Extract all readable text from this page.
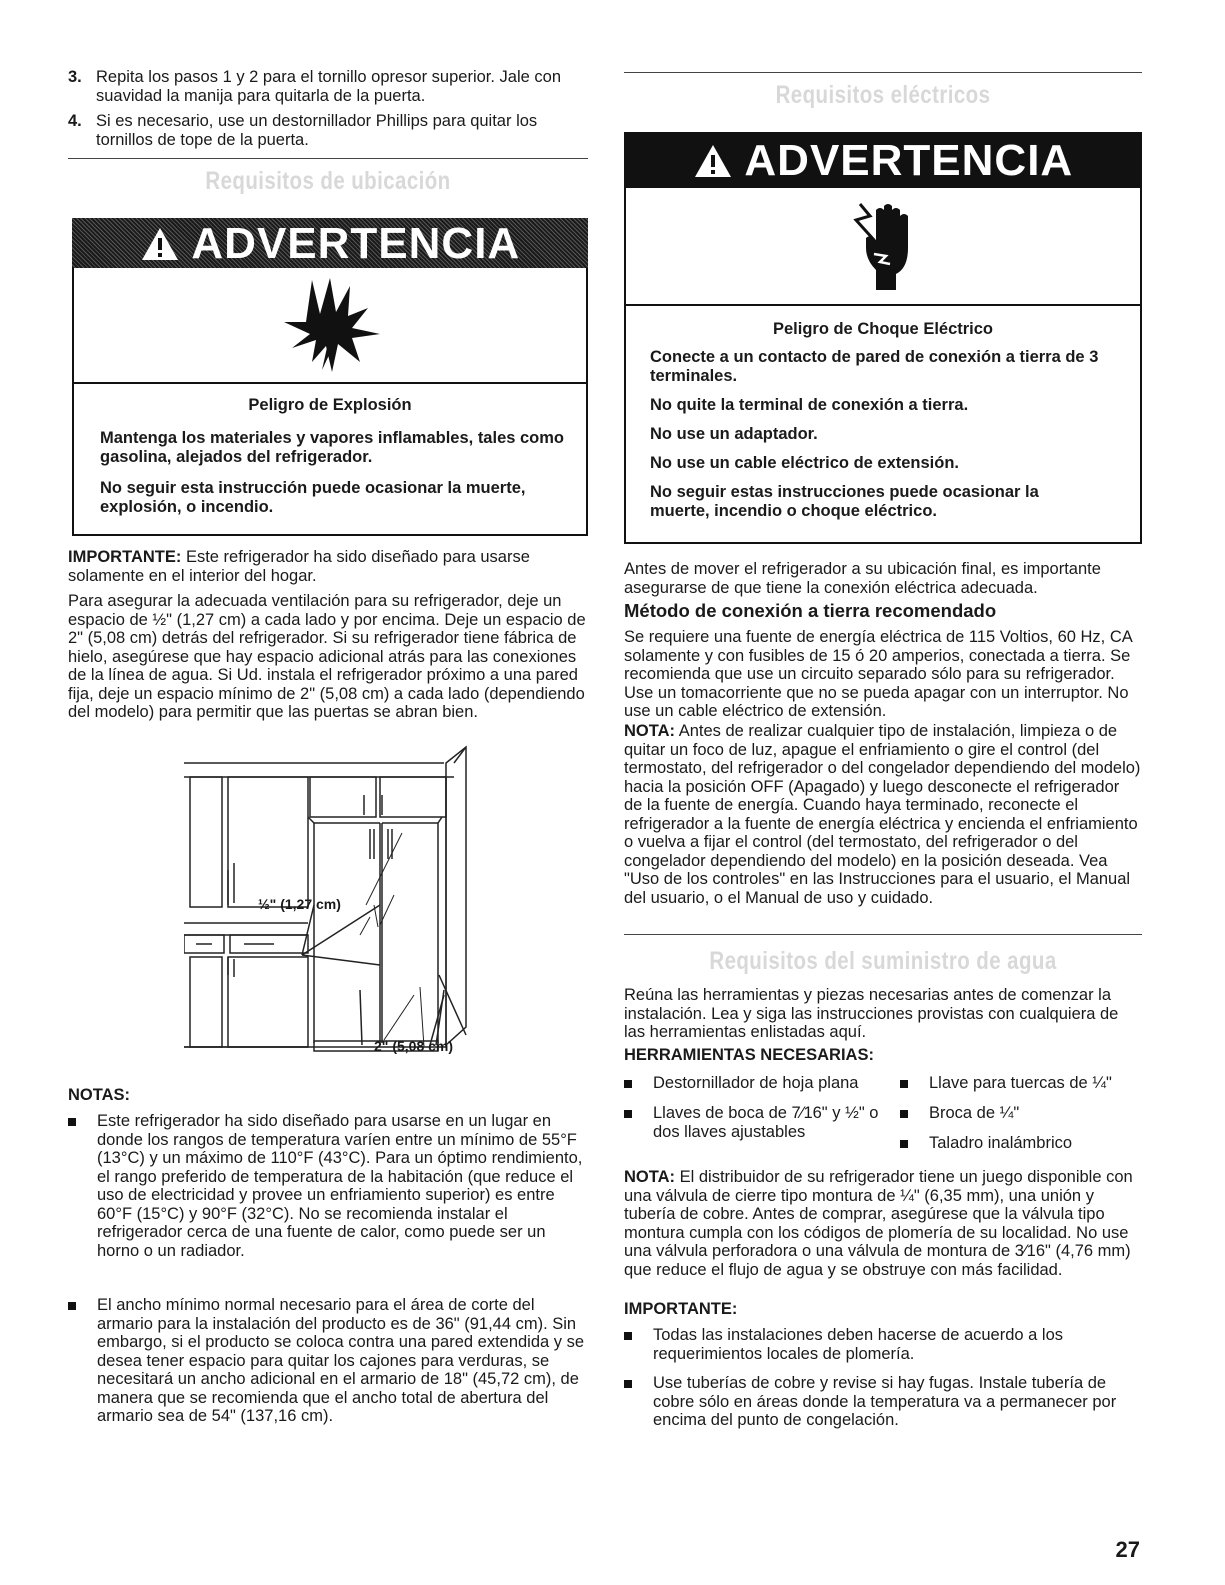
3. Repita los pasos 1 y 2 para el tornillo opresor superior. Jale con suavidad la manija para quitarla de la puerta.
4. Si es necesario, use un destornillador Phillips para quitar los tornillos de tope de la puerta.
Requisitos de ubicación
ADVERTENCIA
Peligro de Explosión

Mantenga los materiales y vapores inflamables, tales como gasolina, alejados del refrigerador.

No seguir esta instrucción puede ocasionar la muerte, explosión, o incendio.

IMPORTANTE: Este refrigerador ha sido diseñado para usarse solamente en el interior del hogar.

Para asegurar la adecuada ventilación para su refrigerador, deje un espacio de ½" (1,27 cm) a cada lado y por encima. Deje un espacio de 2" (5,08 cm) detrás del refrigerador. Si su refrigerador tiene fábrica de hielo, asegúrese que hay espacio adicional atrás para las conexiones de la línea de agua. Si Ud. instala el refrigerador próximo a una pared fija, deje un espacio mínimo de 2" (5,08 cm) a cada lado (dependiendo del modelo) para permitir que las puertas se abran bien.

½" (1,27 cm)
2" (5,08 cm)

NOTAS:

Este refrigerador ha sido diseñado para usarse en un lugar en donde los rangos de temperatura varíen entre un mínimo de 55°F (13°C) y un máximo de 110°F (43°C). Para un óptimo rendimiento, el rango preferido de temperatura de la habitación (que reduce el uso de electricidad y provee un enfriamiento superior) es entre 60°F (15°C) y 90°F (32°C). No se recomienda instalar el refrigerador cerca de una fuente de calor, como puede ser un horno o un radiador.
El ancho mínimo normal necesario para el área de corte del armario para la instalación del producto es de 36" (91,44 cm). Sin embargo, si el producto se coloca contra una pared extendida y se desea tener espacio para quitar los cajones para verduras, se necesitará un ancho adicional en el armario de 18" (45,72 cm), de manera que se recomienda que el ancho total de abertura del armario sea de 54" (137,16 cm).
Requisitos eléctricos
ADVERTENCIA
Peligro de Choque Eléctrico

Conecte a un contacto de pared de conexión a tierra de 3 terminales.

No quite la terminal de conexión a tierra.

No use un adaptador.

No use un cable eléctrico de extensión.

No seguir estas instrucciones puede ocasionar la muerte, incendio o choque eléctrico.

Antes de mover el refrigerador a su ubicación final, es importante asegurarse de que tiene la conexión eléctrica adecuada.

Método de conexión a tierra recomendado

Se requiere una fuente de energía eléctrica de 115 Voltios, 60 Hz, CA solamente y con fusibles de 15 ó 20 amperios, conectada a tierra. Se recomienda que use un circuito separado sólo para su refrigerador. Use un tomacorriente que no se pueda apagar con un interruptor. No use un cable eléctrico de extensión.

NOTA: Antes de realizar cualquier tipo de instalación, limpieza o de quitar un foco de luz, apague el enfriamiento o gire el control (del termostato, del refrigerador o del congelador dependiendo del modelo) hacia la posición OFF (Apagado) y luego desconecte el refrigerador de la fuente de energía. Cuando haya terminado, reconecte el refrigerador a la fuente de energía eléctrica y encienda el enfriamiento o vuelva a fijar el control (del termostato, del refrigerador o del congelador dependiendo del modelo) en la posición deseada. Vea "Uso de los controles" en las Instrucciones para el usuario, el Manual del usuario, o el Manual de uso y cuidado.

Requisitos del suministro de agua

Reúna las herramientas y piezas necesarias antes de comenzar la instalación. Lea y siga las instrucciones provistas con cualquiera de las herramientas enlistadas aquí.

HERRAMIENTAS NECESARIAS:

Destornillador de hoja plana
Llaves de boca de 7⁄16" y ½" o dos llaves ajustables
Llave para tuercas de ¼"
Broca de ¼"
Taladro inalámbrico

NOTA: El distribuidor de su refrigerador tiene un juego disponible con una válvula de cierre tipo montura de ¼" (6,35 mm), una unión y tubería de cobre. Antes de comprar, asegúrese que la válvula tipo montura cumpla con los códigos de plomería de su localidad. No use una válvula perforadora o una válvula de montura de 3⁄16" (4,76 mm) que reduce el flujo de agua y se obstruye con más facilidad.

IMPORTANTE:

Todas las instalaciones deben hacerse de acuerdo a los requerimientos locales de plomería.
Use tuberías de cobre y revise si hay fugas. Instale tubería de cobre sólo en áreas donde la temperatura va a permanecer por encima del punto de congelación.
27
